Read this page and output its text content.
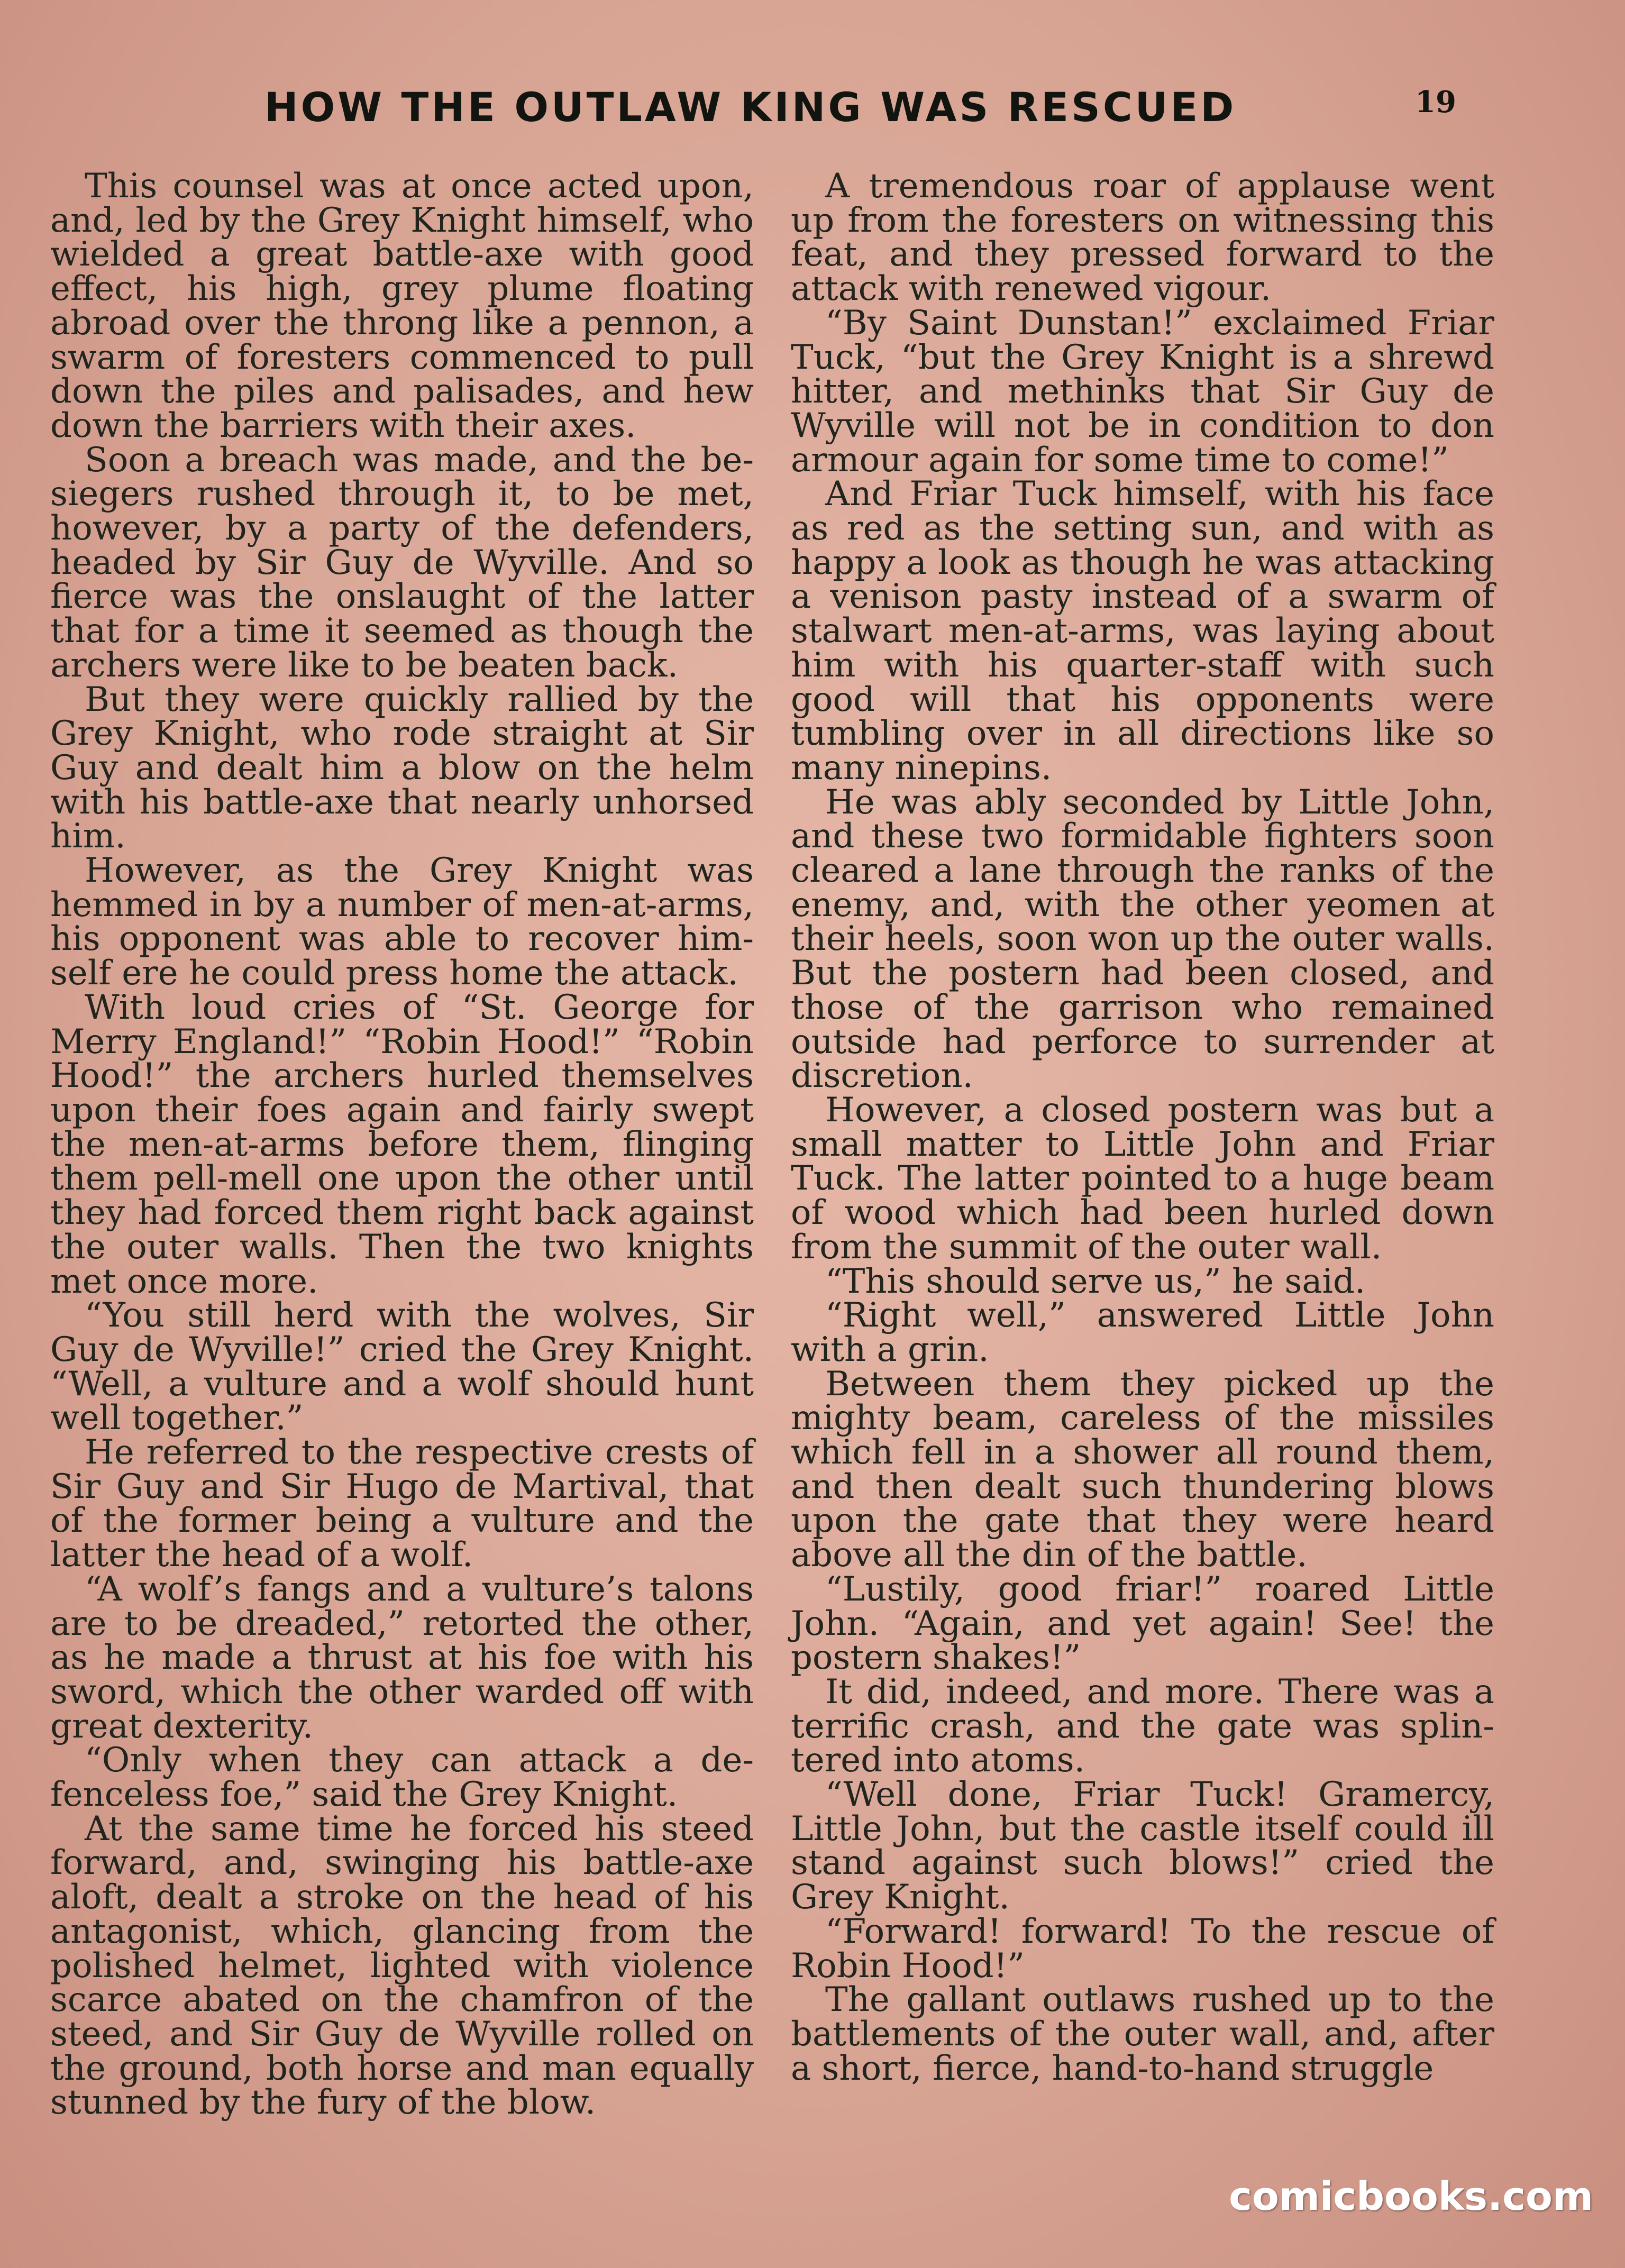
HOW THE OUTLAW KING WAS RESCUED	19

This counsel was at once acted upon, and, led by the Grey Knight himself, who wielded a great battle-axe with good effect, his high, grey plume floating abroad over the throng like a pennon, a swarm of foresters commenced to pull down the piles and palisades, and hew down the barriers with their axes.

Soon a breach was made, and the besiegers rushed through it, to be met, however, by a party of the defenders, headed by Sir Guy de Wyville. And so fierce was the onslaught of the latter that for a time it seemed as though the archers were like to be beaten back.

But they were quickly rallied by the Grey Knight, who rode straight at Sir Guy and dealt him a blow on the helm with his battle-axe that nearly unhorsed him.

However, as the Grey Knight was hemmed in by a number of men-at-arms, his opponent was able to recover himself ere he could press home the attack.

With loud cries of “St. George for Merry England!” “Robin Hood!” “Robin Hood!” the archers hurled themselves upon their foes again and fairly swept the men-at-arms before them, flinging them pell-mell one upon the other until they had forced them right back against the outer walls. Then the two knights met once more.

“You still herd with the wolves, Sir Guy de Wyville!” cried the Grey Knight. “Well, a vulture and a wolf should hunt well together.”

He referred to the respective crests of Sir Guy and Sir Hugo de Martival, that of the former being a vulture and the latter the head of a wolf.

“A wolf’s fangs and a vulture’s talons are to be dreaded,” retorted the other, as he made a thrust at his foe with his sword, which the other warded off with great dexterity.

“Only when they can attack a defenceless foe,” said the Grey Knight.

At the same time he forced his steed forward, and, swinging his battle-axe aloft, dealt a stroke on the head of his antagonist, which, glancing from the polished helmet, lighted with violence scarce abated on the chamfron of the steed, and Sir Guy de Wyville rolled on the ground, both horse and man equally stunned by the fury of the blow.

A tremendous roar of applause went up from the foresters on witnessing this feat, and they pressed forward to the attack with renewed vigour.

“By Saint Dunstan!” exclaimed Friar Tuck, “but the Grey Knight is a shrewd hitter, and methinks that Sir Guy de Wyville will not be in condition to don armour again for some time to come!”

And Friar Tuck himself, with his face as red as the setting sun, and with as happy a look as though he was attacking a venison pasty instead of a swarm of stalwart men-at-arms, was laying about him with his quarter-staff with such good will that his opponents were tumbling over in all directions like so many ninepins.

He was ably seconded by Little John, and these two formidable fighters soon cleared a lane through the ranks of the enemy, and, with the other yeomen at their heels, soon won up the outer walls. But the postern had been closed, and those of the garrison who remained outside had perforce to surrender at discretion.

However, a closed postern was but a small matter to Little John and Friar Tuck. The latter pointed to a huge beam of wood which had been hurled down from the summit of the outer wall.

“This should serve us,” he said.

“Right well,” answered Little John with a grin.

Between them they picked up the mighty beam, careless of the missiles which fell in a shower all round them, and then dealt such thundering blows upon the gate that they were heard above all the din of the battle.

“Lustily, good friar!” roared Little John. “Again, and yet again! See! the postern shakes!”

It did, indeed, and more. There was a terrific crash, and the gate was splintered into atoms.

“Well done, Friar Tuck! Gramercy, Little John, but the castle itself could ill stand against such blows!” cried the Grey Knight.

“Forward! forward! To the rescue of Robin Hood!”

The gallant outlaws rushed up to the battlements of the outer wall, and, after a short, fierce, hand-to-hand struggle

comicbooks.com
